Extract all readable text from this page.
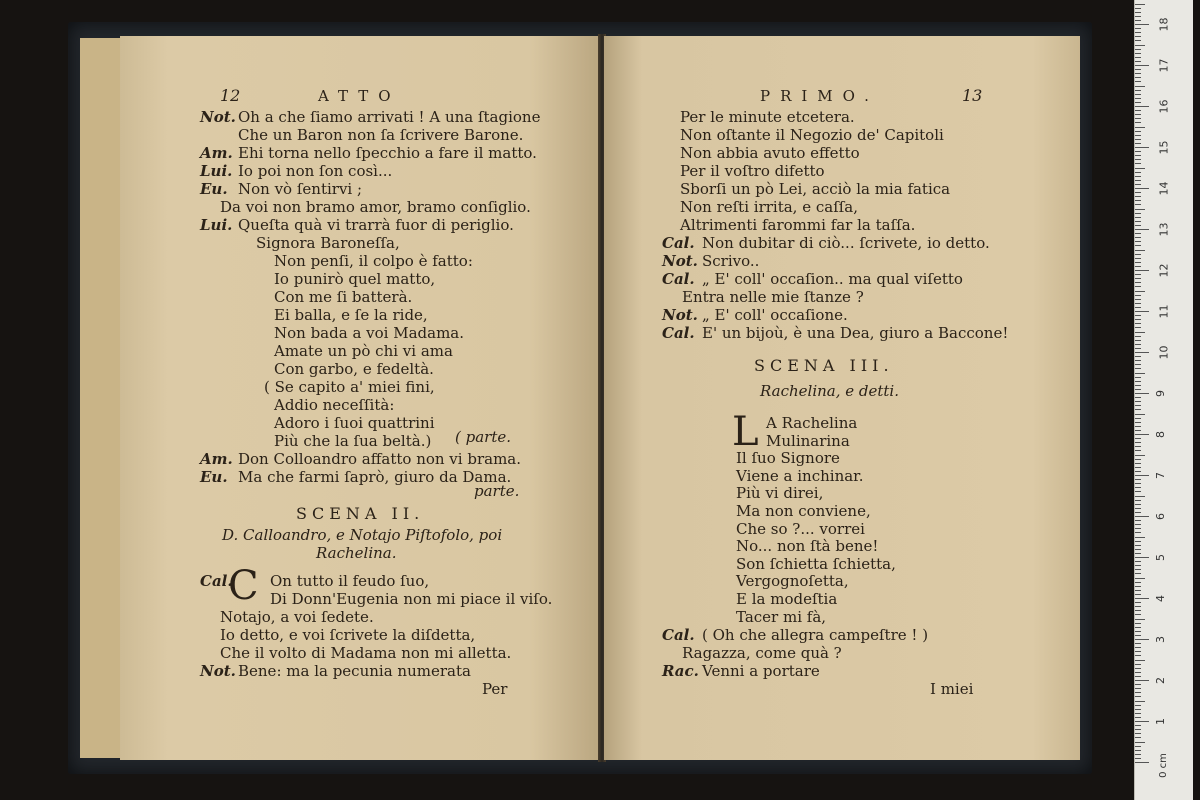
12	ATTO
Not. Oh a che ſiamo arrivati ! A una ſtagione
Che un Baron non ſa ſcrivere Barone.
Am. Ehi torna nello ſpecchio a fare il matto.
Lui. Io poi non ſon così...
Eu. Non vò ſentirvi ;
Da voi non bramo amor, bramo conſiglio.
Lui. Queſta quà vi trarrà fuor di periglio.
Signora Baroneſſa,
Non penſi, il colpo è fatto:
Io punirò quel matto,
Con me ſi batterà.
Ei balla, e ſe la ride,
Non bada a voi Madama.
Amate un pò chi vi ama
Con garbo, e fedeltà.
( Se capito a' miei fini,
Addio neceſſità:
Adoro i ſuoi quattrini
Più che la ſua beltà.)
Am. Don Colloandro affatto non vi brama.
Eu. Ma che farmi ſaprò, giuro da Dama.
( parte.
parte.
SCENA II.
D. Calloandro, e Notajo Piſtofolo, poi
Rachelina.
C
Cal. On tutto il feudo ſuo,
Di Donn'Eugenia non mi piace il viſo.
Notajo, a voi ſedete.
Io detto, e voi ſcrivete la diſdetta,
Che il volto di Madama non mi alletta.
Not. Bene: ma la pecunia numerata
Per
PRIMO.	13
Per le minute etcetera.
Non oſtante il Negozio de' Capitoli
Non abbia avuto effetto
Per il voſtro difetto
Sborſi un pò Lei, acciò la mia fatica
Non reſti irrita, e caſſa,
Altrimenti farommi far la taſſa.
Cal. Non dubitar di ciò... ſcrivete, io detto.
Not. Scrivo..
Cal. „ E' coll' occaſion.. ma qual viſetto
Entra nelle mie ſtanze ?
Not. „ E' coll' occaſione.
Cal. E' un bijoù, è una Dea, giuro a Baccone!
SCENA III.
Rachelina, e detti.
L A Rachelina
Mulinarina
Il ſuo Signore
Viene a inchinar.
Più vi direi,
Ma non conviene,
Che so ?... vorrei
No... non ſtà bene!
Son ſchietta ſchietta,
Vergognoſetta,
E la modeſtia
Tacer mi fà,
Cal. ( Oh che allegra campeſtre ! )
Ragazza, come quà ?
Rac. Venni a portare
I miei
1
2
3
4
5
6
7
8
9
10
11
12
13
14
15
16
17
18
0 cm
